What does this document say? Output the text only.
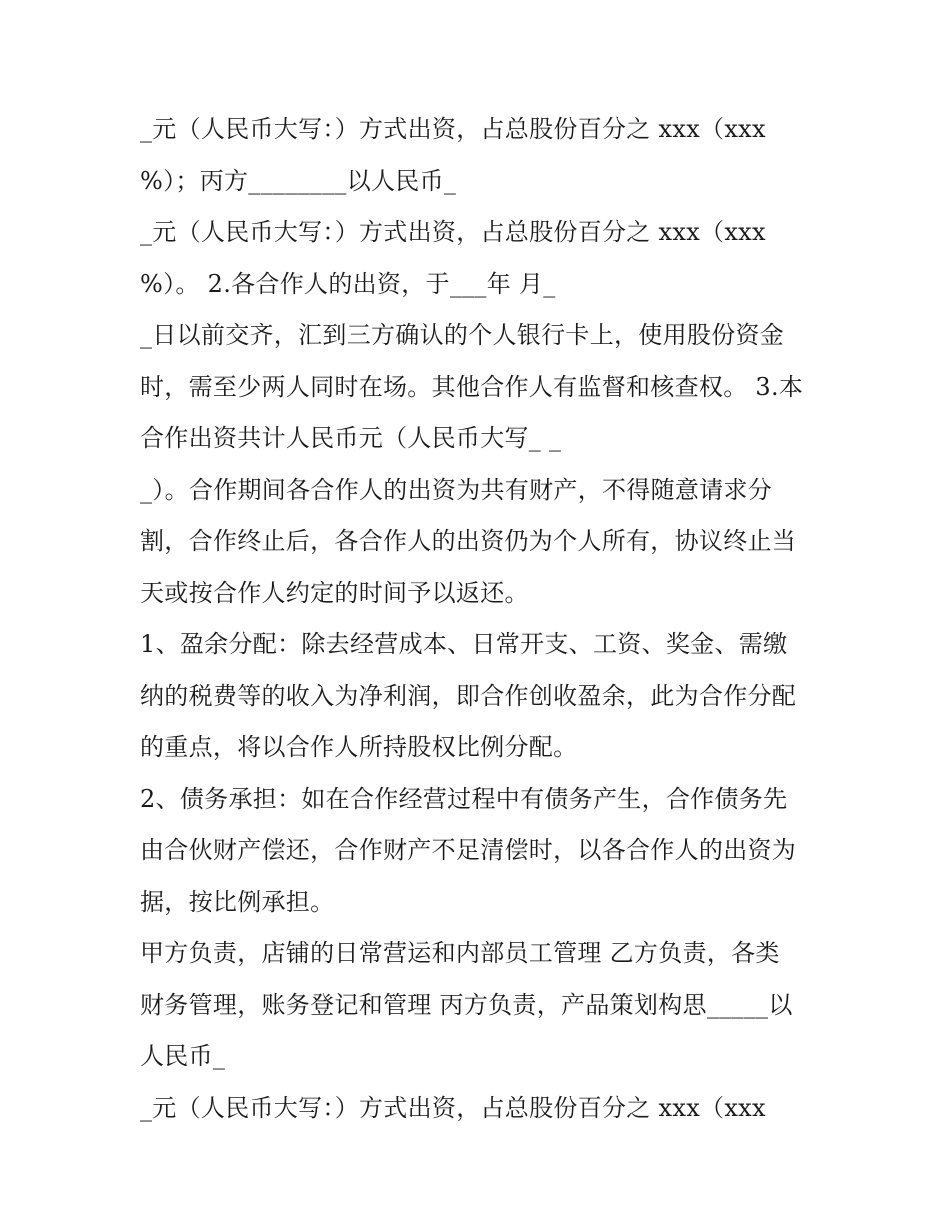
_元（人民币大写：）方式出资，占总股份百分之 xxx（xxx
%）；丙方________以人民币_
_元（人民币大写：）方式出资，占总股份百分之 xxx（xxx
%）。 2.各合作人的出资，于___年 月_
_日以前交齐，汇到三方确认的个人银行卡上，使用股份资金
时，需至少两人同时在场。其他合作人有监督和核查权。 3.本
合作出资共计人民币元（人民币大写_ _
_）。合作期间各合作人的出资为共有财产，不得随意请求分
割，合作终止后，各合作人的出资仍为个人所有，协议终止当
天或按合作人约定的时间予以返还。
1、盈余分配：除去经营成本、日常开支、工资、奖金、需缴
纳的税费等的收入为净利润，即合作创收盈余，此为合作分配
的重点，将以合作人所持股权比例分配。
2、债务承担：如在合作经营过程中有债务产生，合作债务先
由合伙财产偿还，合作财产不足清偿时，以各合作人的出资为
据，按比例承担。
甲方负责，店铺的日常营运和内部员工管理 乙方负责，各类
财务管理，账务登记和管理 丙方负责，产品策划构思_____以
人民币_
_元（人民币大写：）方式出资，占总股份百分之 xxx（xxx
